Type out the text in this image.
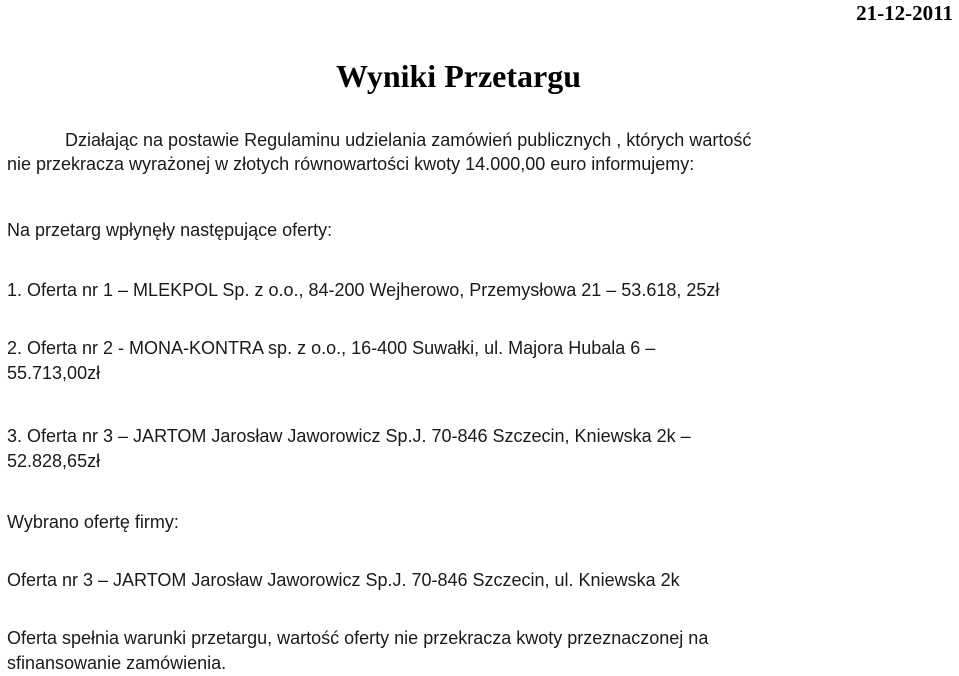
21-12-2011
Wyniki Przetargu

Działając na postawie Regulaminu udzielania zamówień publicznych , których wartość
nie przekracza wyrażonej w złotych równowartości kwoty 14.000,00 euro informujemy:

Na przetarg wpłynęły następujące oferty:

1. Oferta nr 1 – MLEKPOL Sp. z o.o., 84-200 Wejherowo, Przemysłowa 21 – 53.618, 25zł

2. Oferta nr 2 - MONA-KONTRA sp. z o.o., 16-400 Suwałki, ul. Majora Hubala 6 –
55.713,00zł
3. Oferta nr 3 – JARTOM Jarosław Jaworowicz Sp.J. 70-846 Szczecin, Kniewska 2k –
52.828,65zł

Wybrano ofertę firmy:

Oferta nr 3 – JARTOM Jarosław Jaworowicz Sp.J. 70-846 Szczecin, ul. Kniewska 2k

Oferta spełnia warunki przetargu, wartość oferty nie przekracza kwoty przeznaczonej na
sfinansowanie zamówienia.
